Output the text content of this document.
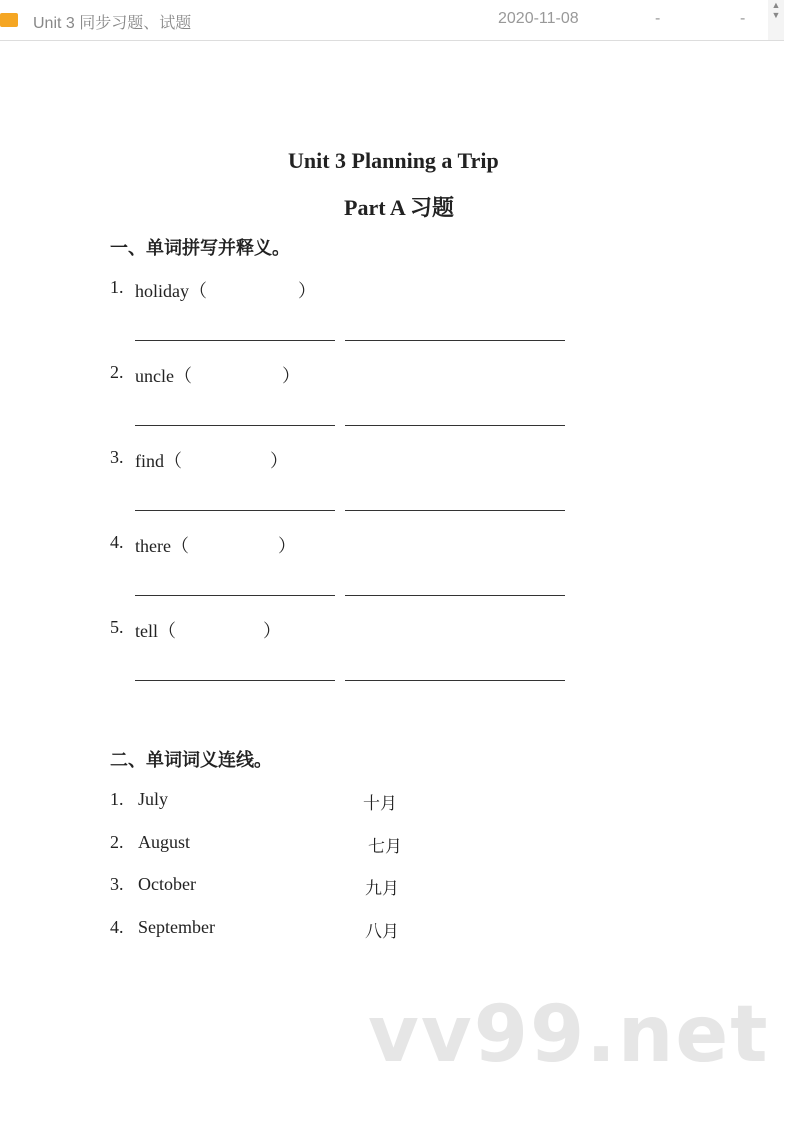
Unit 3 同步习题、试题	2020-11-08	-	-
▲
▼
Unit 3 Planning a Trip
Part A 习题
一、单词拼写并释义。
1. holiday（	）
2. uncle（	）
3. find（	）
4. there（	）
5. tell（	）
二、单词词义连线。
1. July	十月
2. August	七月
3. October	九月
4. September	八月
vv99.net
